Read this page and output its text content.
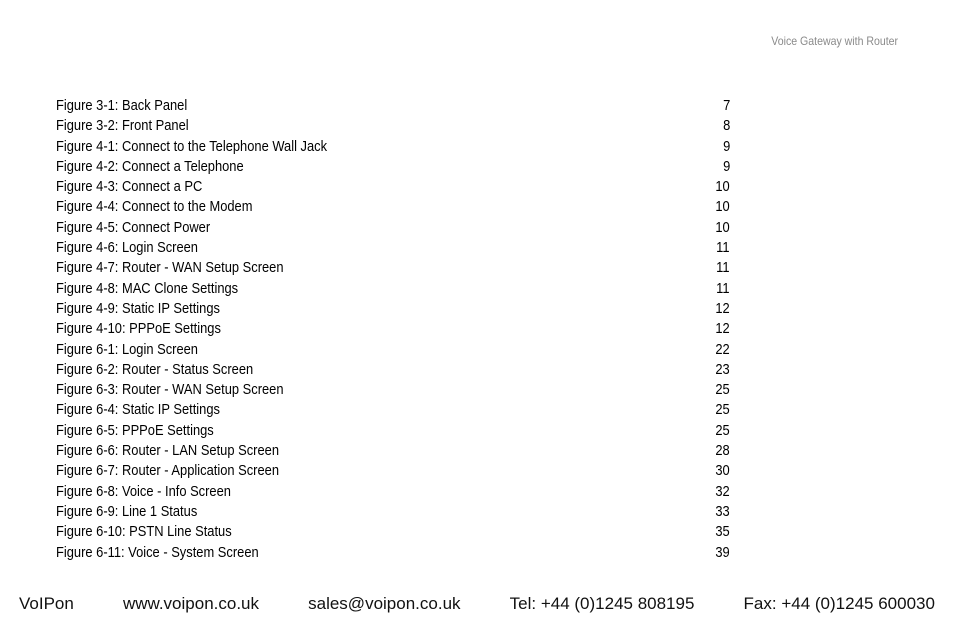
Voice Gateway with Router
Figure 3-1: Back Panel	7
Figure 3-2: Front Panel	8
Figure 4-1: Connect to the Telephone Wall Jack	9
Figure 4-2: Connect a Telephone	9
Figure 4-3: Connect a PC	10
Figure 4-4: Connect to the Modem	10
Figure 4-5: Connect Power	10
Figure 4-6: Login Screen	11
Figure 4-7: Router - WAN Setup Screen	11
Figure 4-8: MAC Clone Settings	11
Figure 4-9: Static IP Settings	12
Figure 4-10: PPPoE Settings	12
Figure 6-1: Login Screen	22
Figure 6-2: Router - Status Screen	23
Figure 6-3: Router - WAN Setup Screen	25
Figure 6-4: Static IP Settings	25
Figure 6-5: PPPoE Settings	25
Figure 6-6: Router - LAN Setup Screen	28
Figure 6-7: Router - Application Screen	30
Figure 6-8: Voice - Info Screen	32
Figure 6-9: Line 1 Status	33
Figure 6-10: PSTN Line Status	35
Figure 6-11: Voice - System Screen	39
VoIPon	www.voipon.co.uk	sales@voipon.co.uk	Tel: +44 (0)1245 808195	Fax: +44 (0)1245 600030
